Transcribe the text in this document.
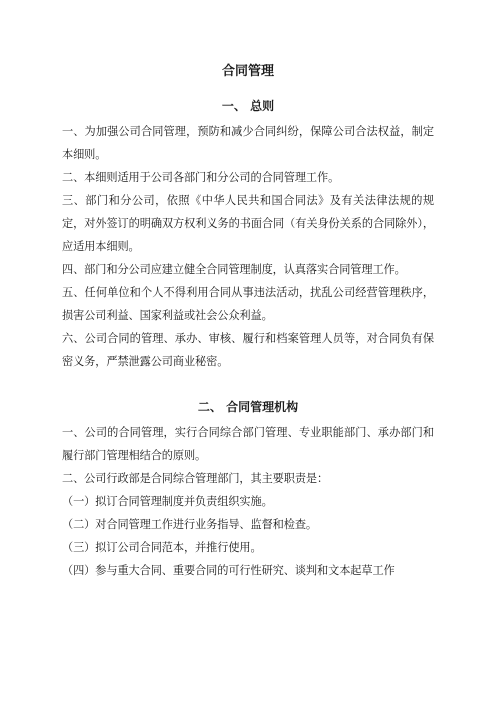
合同管理
一、 总则

一、为加强公司合同管理，预防和减少合同纠纷，保障公司合法权益，制定本细则。

二、本细则适用于公司各部门和分公司的合同管理工作。

三、部门和分公司，依照《中华人民共和国合同法》及有关法律法规的规定，对外签订的明确双方权利义务的书面合同（有关身份关系的合同除外），应适用本细则。

四、部门和分公司应建立健全合同管理制度，认真落实合同管理工作。

五、任何单位和个人不得利用合同从事违法活动，扰乱公司经营管理秩序，损害公司利益、国家利益或社会公众利益。

六、公司合同的管理、承办、审核、履行和档案管理人员等，对合同负有保密义务，严禁泄露公司商业秘密。

二、 合同管理机构

一、公司的合同管理，实行合同综合部门管理、专业职能部门、承办部门和履行部门管理相结合的原则。

二、公司行政部是合同综合管理部门，其主要职责是：

（一）拟订合同管理制度并负责组织实施。

（二）对合同管理工作进行业务指导、监督和检查。

（三）拟订公司合同范本，并推行使用。

（四）参与重大合同、重要合同的可行性研究、谈判和文本起草工作
